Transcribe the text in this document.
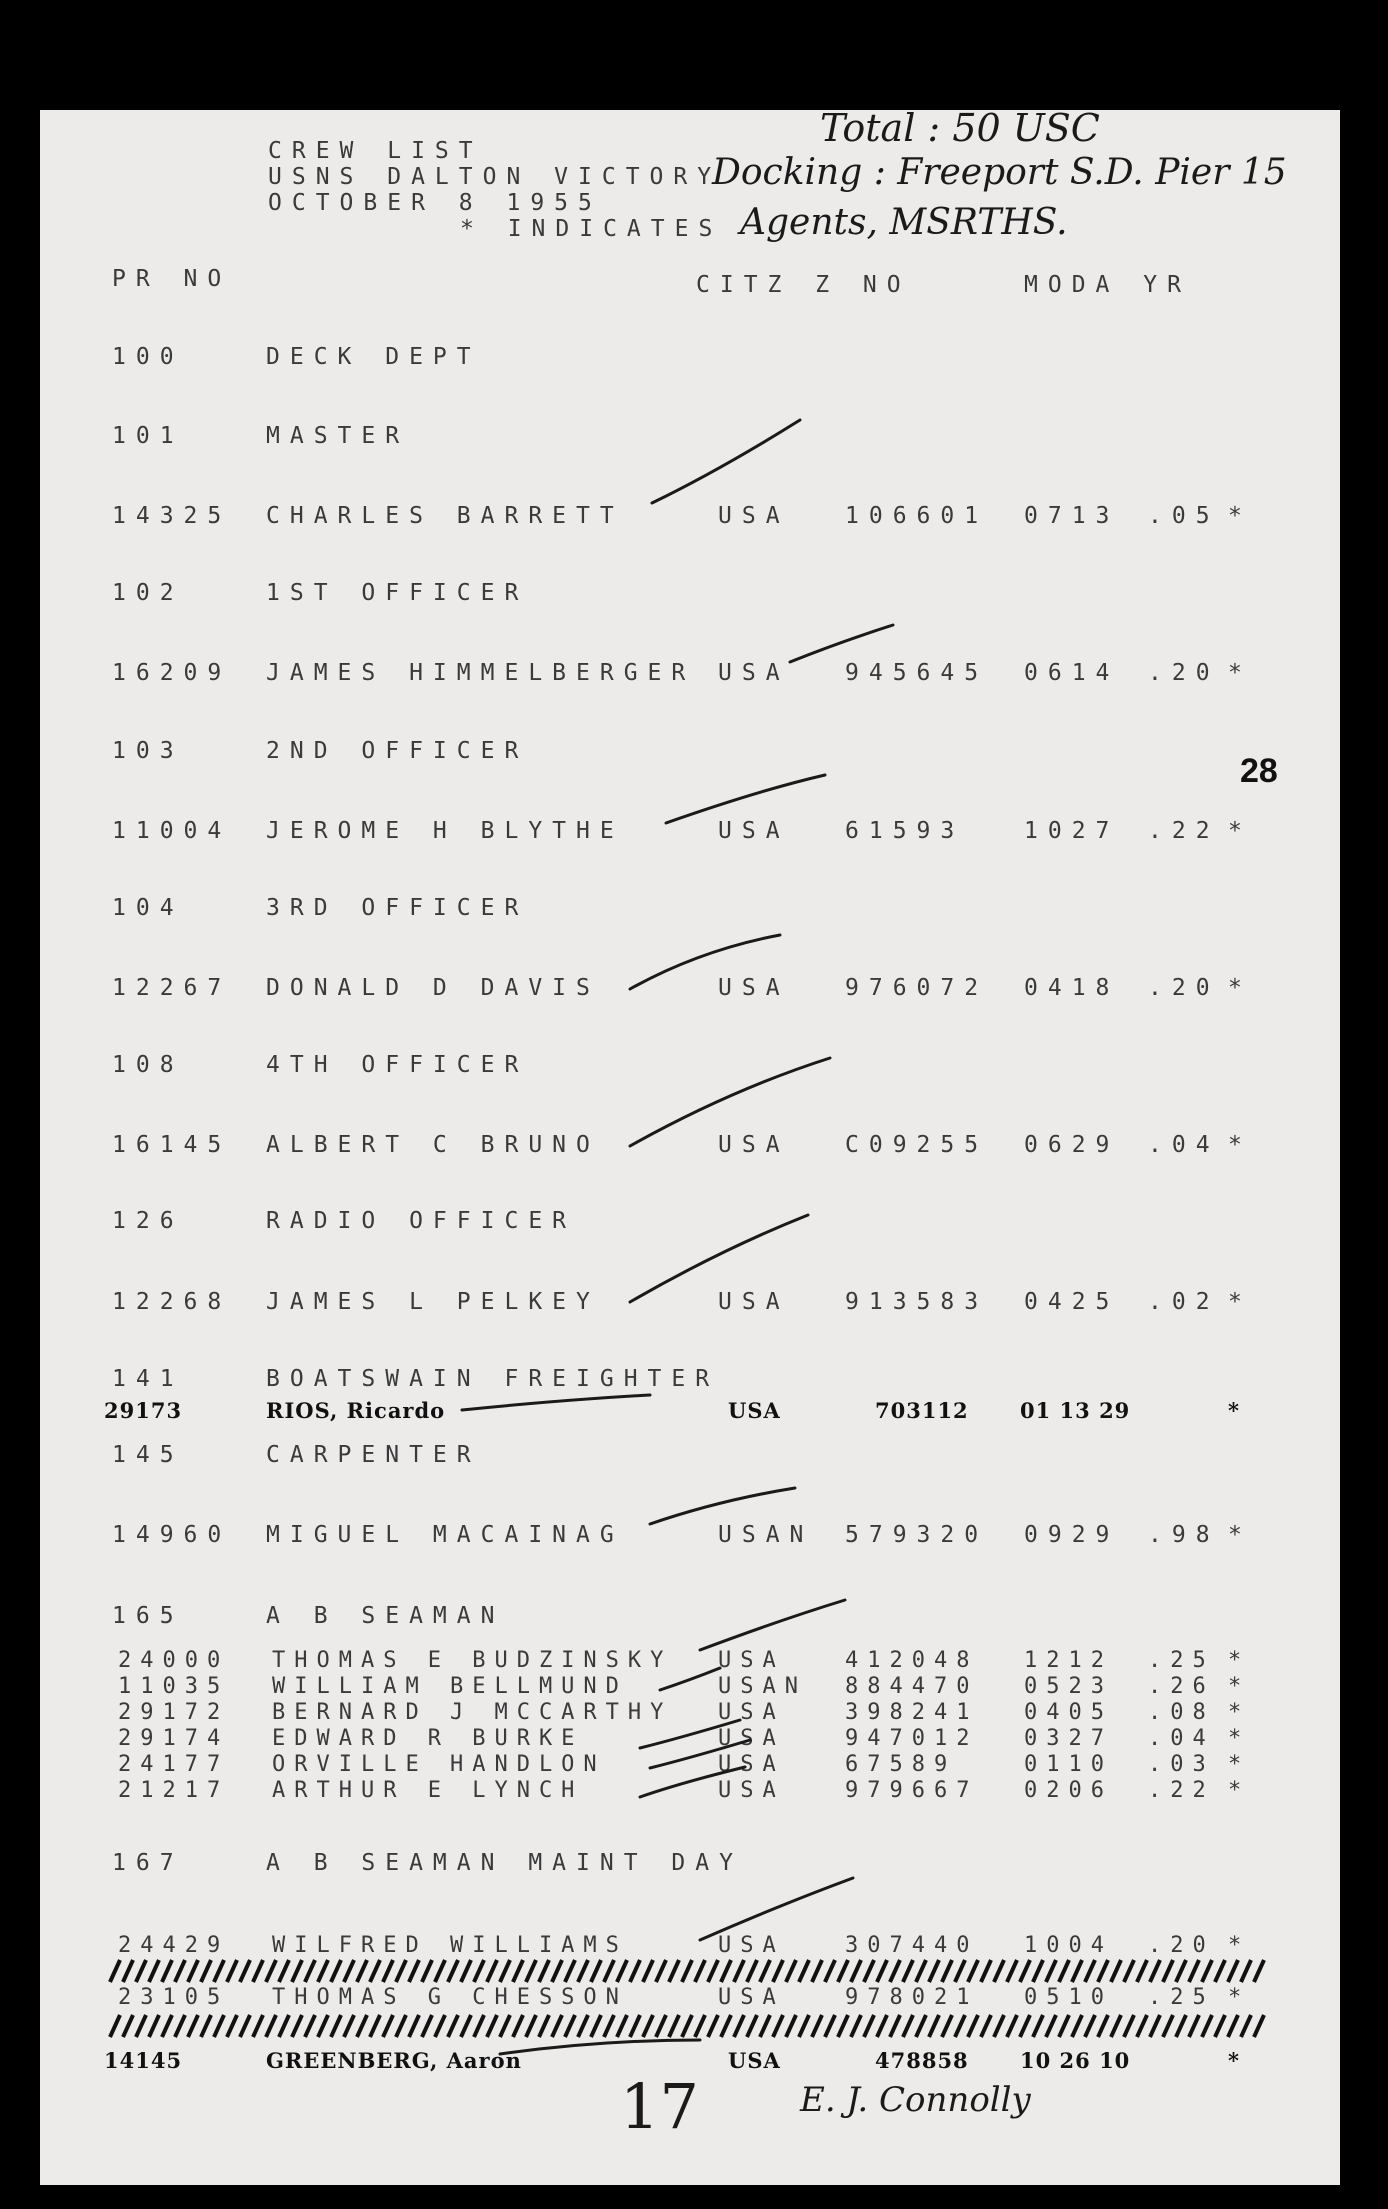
CREW LIST
USNS DALTON VICTORY
OCTOBER 8 1955
* INDICATES
PR NO	CITZ Z NO	MODA YR
Total : 50 USC
Docking : Freeport S.D. Pier 15
Agents, MSRTHS.
28
17	E. J. Connolly
100	DECK DEPT
101	MASTER
102	1ST OFFICER
103	2ND OFFICER
104	3RD OFFICER
108	4TH OFFICER
126	RADIO OFFICER
141	BOATSWAIN FREIGHTER
145	CARPENTER
165	A B SEAMAN
167	A B SEAMAN MAINT DAY
14325 CHARLES BARRETT	USA 106601 0713 .05 *
16209 JAMES HIMMELBERGER USA 945645 0614 .20 *
11004 JEROME H BLYTHE	USA 61593	1027 .22 *
12267 DONALD D DAVIS	USA 976072 0418 .20 *
16145 ALBERT C BRUNO	USA C09255 0629 .04 *
12268 JAMES L PELKEY	USA 913583 0425 .02 *
29173	RIOS, Ricardo	USA	703112 01 13 29	*
14960 MIGUEL MACAINAG	USAN 579320 0929 .98 *
24000 THOMAS E BUDZINSKY USA	412048 1212 .25 *
11035 WILLIAM BELLMUND	USAN 884470 0523 .26 *
29172 BERNARD J MCCARTHY USA	398241 0405 .08 *
29174 EDWARD R BURKE	USA	947012 0327 .04 *
24177 ORVILLE HANDLON	USA	67589	0110 .03 *
21217 ARTHUR E LYNCH	USA	979667 0206 .22 *
24429 WILFRED WILLIAMS	USA	307440 1004 .20 *
23105 THOMAS G CHESSON	USA	978021 0510 .25 *
14145	GREENBERG, Aaron	USA	478858 10 26 10	*
